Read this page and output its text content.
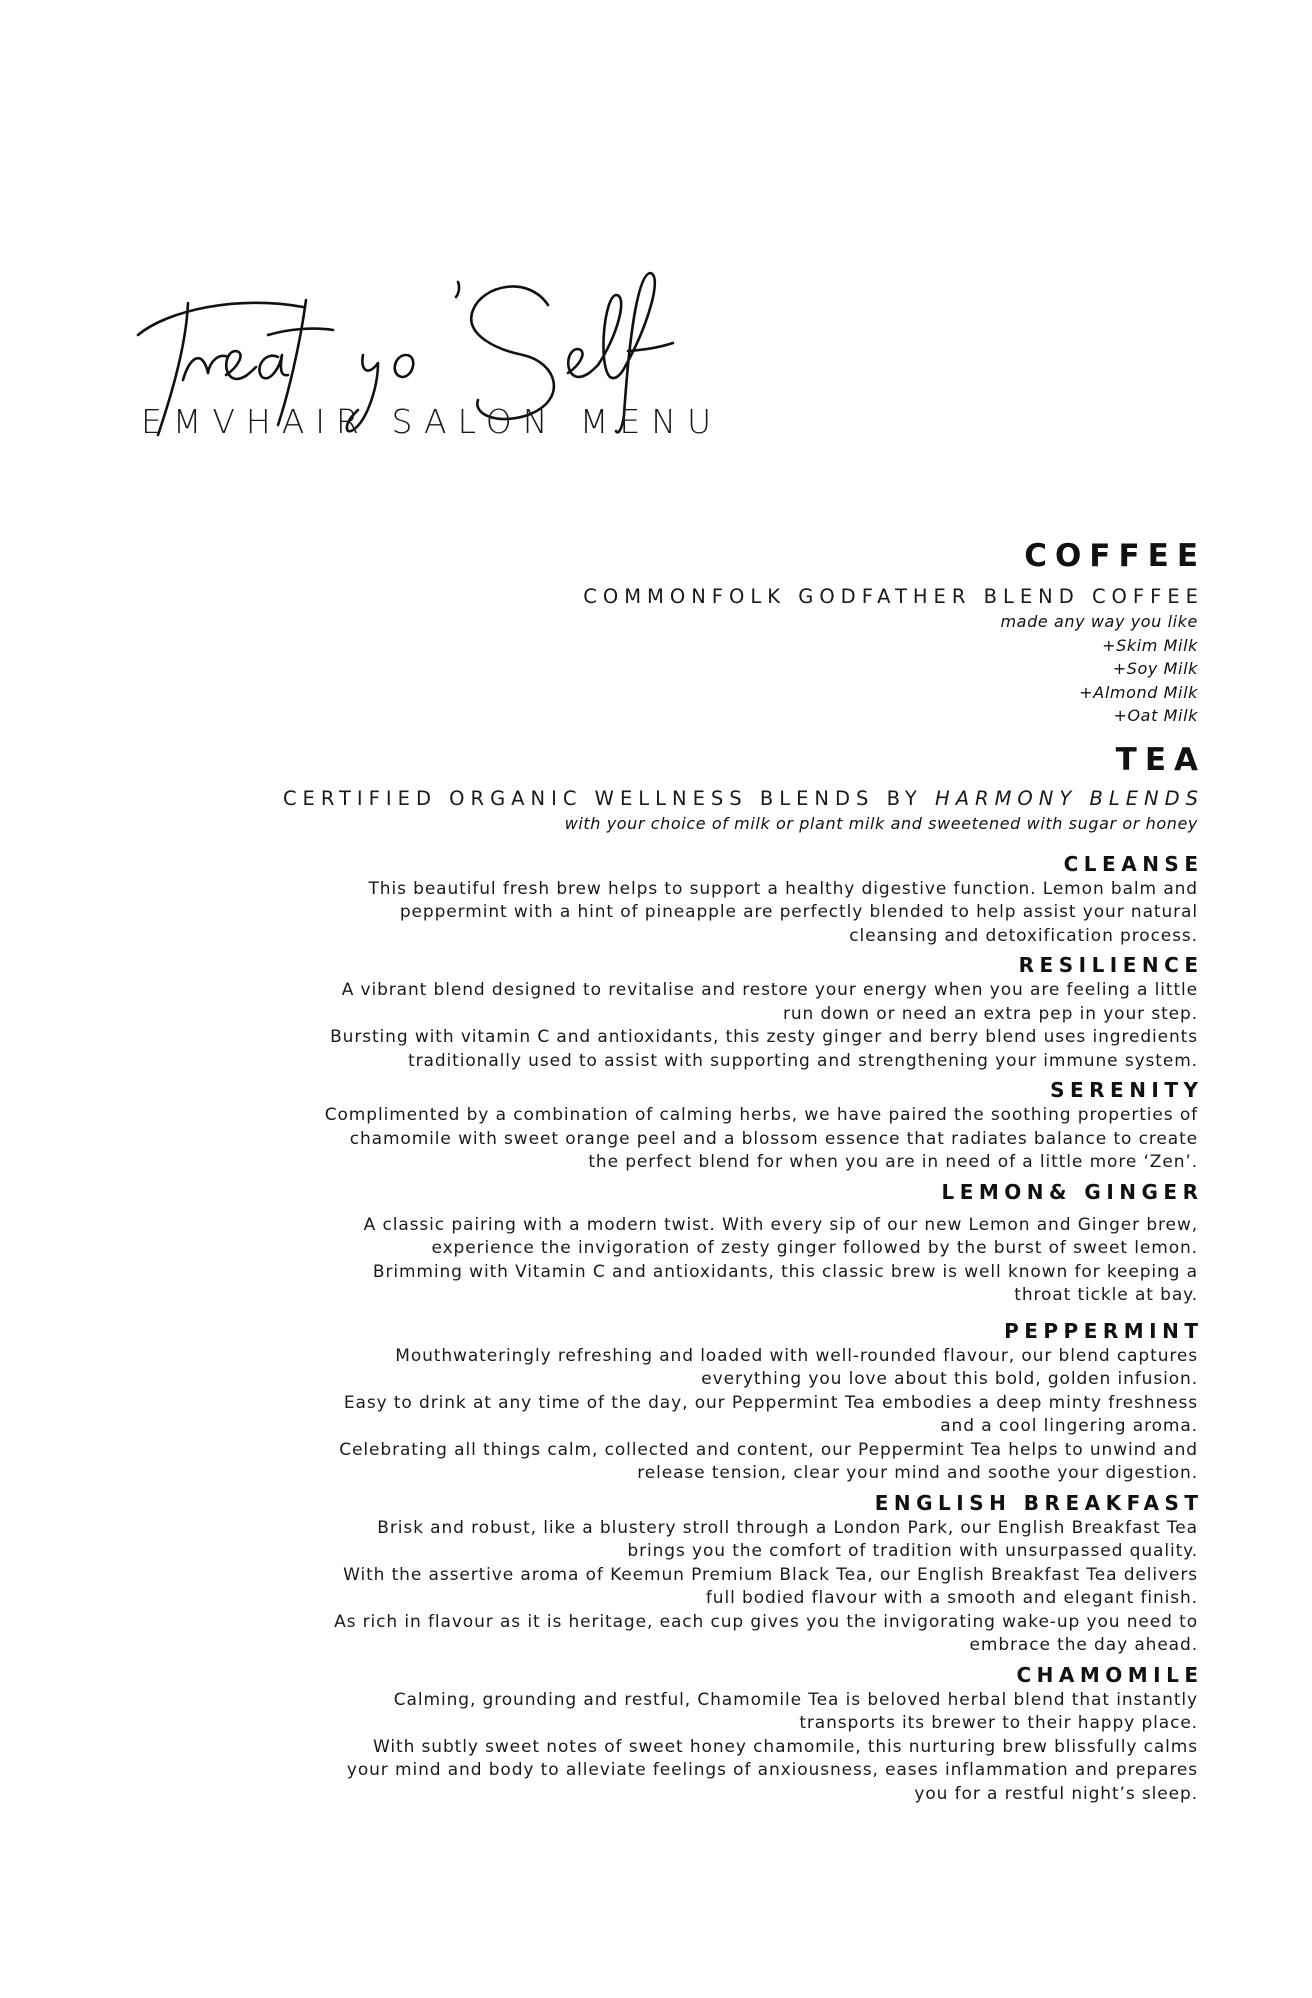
EMVHAIR SALON MENU
COFFEE
COMMONFOLK GODFATHER BLEND COFFEE
made any way you like
+Skim Milk
+Soy Milk
+Almond Milk
+Oat Milk
TEA
CERTIFIED ORGANIC WELLNESS BLENDS BY HARMONY BLENDS
with your choice of milk or plant milk and sweetened with sugar or honey
CLEANSE

This beautiful fresh brew helps to support a healthy digestive function. Lemon balm and

peppermint with a hint of pineapple are perfectly blended to help assist your natural

cleansing and detoxification process.

RESILIENCE

A vibrant blend designed to revitalise and restore your energy when you are feeling a little

run down or need an extra pep in your step.

Bursting with vitamin C and antioxidants, this zesty ginger and berry blend uses ingredients

traditionally used to assist with supporting and strengthening your immune system.

SERENITY

Complimented by a combination of calming herbs, we have paired the soothing properties of

chamomile with sweet orange peel and a blossom essence that radiates balance to create

the perfect blend for when you are in need of a little more ‘Zen’.

LEMON& GINGER

A classic pairing with a modern twist. With every sip of our new Lemon and Ginger brew,

experience the invigoration of zesty ginger followed by the burst of sweet lemon.

Brimming with Vitamin C and antioxidants, this classic brew is well known for keeping a

throat tickle at bay.

PEPPERMINT

Mouthwateringly refreshing and loaded with well-rounded flavour, our blend captures

everything you love about this bold, golden infusion.

Easy to drink at any time of the day, our Peppermint Tea embodies a deep minty freshness

and a cool lingering aroma.

Celebrating all things calm, collected and content, our Peppermint Tea helps to unwind and

release tension, clear your mind and soothe your digestion.

ENGLISH BREAKFAST

Brisk and robust, like a blustery stroll through a London Park, our English Breakfast Tea

brings you the comfort of tradition with unsurpassed quality.

With the assertive aroma of Keemun Premium Black Tea, our English Breakfast Tea delivers

full bodied flavour with a smooth and elegant finish.

As rich in flavour as it is heritage, each cup gives you the invigorating wake-up you need to

embrace the day ahead.

CHAMOMILE

Calming, grounding and restful, Chamomile Tea is beloved herbal blend that instantly

transports its brewer to their happy place.

With subtly sweet notes of sweet honey chamomile, this nurturing brew blissfully calms

your mind and body to alleviate feelings of anxiousness, eases inflammation and prepares

you for a restful night’s sleep.
